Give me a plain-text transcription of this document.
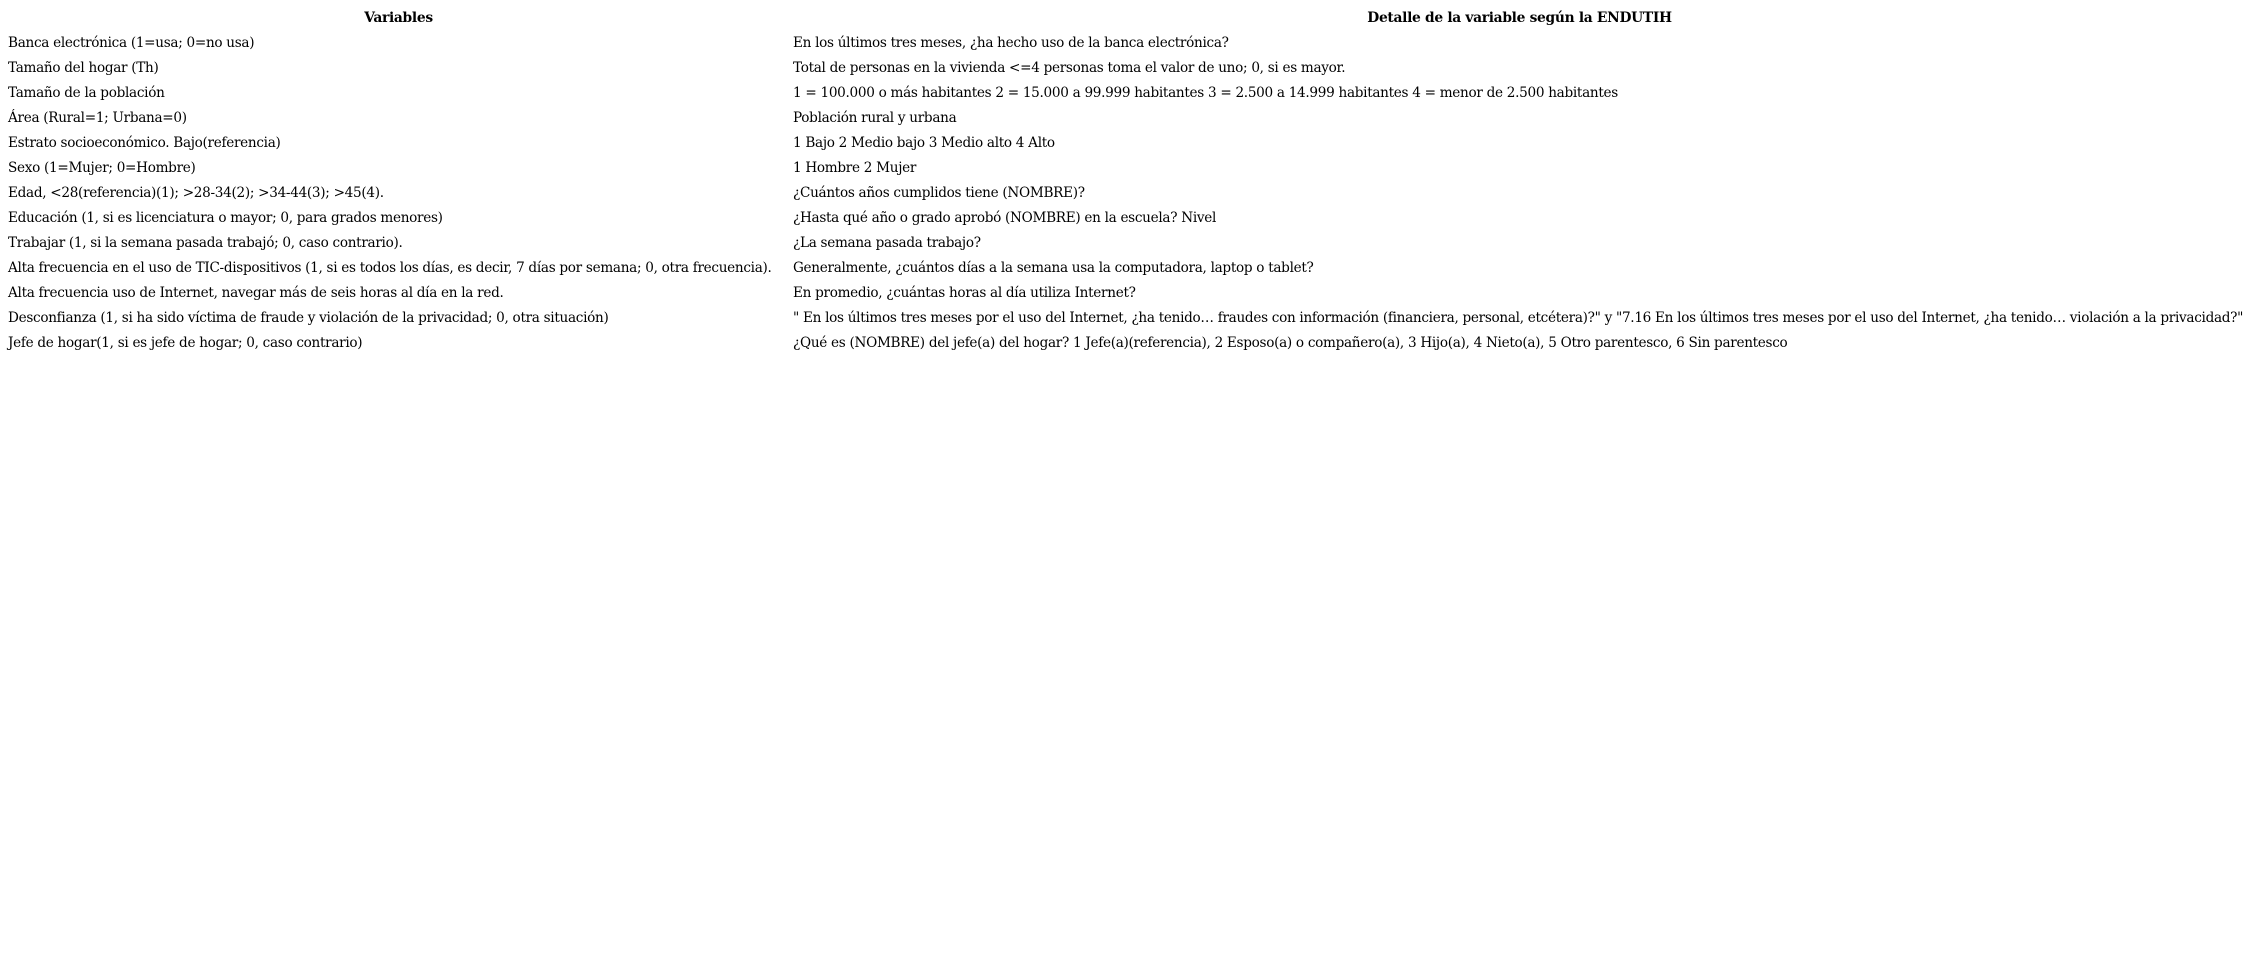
Variables	Detalle de la variable según la ENDUTIH
Banca electrónica (1=usa; 0=no usa)	En los últimos tres meses, ¿ha hecho uso de la banca electrónica?
Tamaño del hogar (Th)	Total de personas en la vivienda <=4 personas toma el valor de uno; 0, si es mayor.
Tamaño de la población	1 = 100.000 o más habitantes 2 = 15.000 a 99.999 habitantes 3 = 2.500 a 14.999 habitantes 4 = menor de 2.500 habitantes
Área (Rural=1; Urbana=0)	Población rural y urbana
Estrato socioeconómico. Bajo(referencia)	1 Bajo 2 Medio bajo 3 Medio alto 4 Alto
Sexo (1=Mujer; 0=Hombre)	1 Hombre 2 Mujer
Edad, <28(referencia)(1); >28-34(2); >34-44(3); >45(4).	¿Cuántos años cumplidos tiene (NOMBRE)?
Educación (1, si es licenciatura o mayor; 0, para grados menores)	¿Hasta qué año o grado aprobó (NOMBRE) en la escuela? Nivel
Trabajar (1, si la semana pasada trabajó; 0, caso contrario).	¿La semana pasada trabajo?
Alta frecuencia en el uso de TIC-dispositivos (1, si es todos los días, es decir, 7 días por semana; 0, otra frecuencia).	Generalmente, ¿cuántos días a la semana usa la computadora, laptop o tablet?
Alta frecuencia uso de Internet, navegar más de seis horas al día en la red.	En promedio, ¿cuántas horas al día utiliza Internet?
Desconfianza (1, si ha sido víctima de fraude y violación de la privacidad; 0, otra situación)	" En los últimos tres meses por el uso del Internet, ¿ha tenido… fraudes con información (financiera, personal, etcétera)?" y "7.16 En los últimos tres meses por el uso del Internet, ¿ha tenido… violación a la privacidad?"
Jefe de hogar(1, si es jefe de hogar; 0, caso contrario)	¿Qué es (NOMBRE) del jefe(a) del hogar? 1 Jefe(a)(referencia), 2 Esposo(a) o compañero(a), 3 Hijo(a), 4 Nieto(a), 5 Otro parentesco, 6 Sin parentesco
